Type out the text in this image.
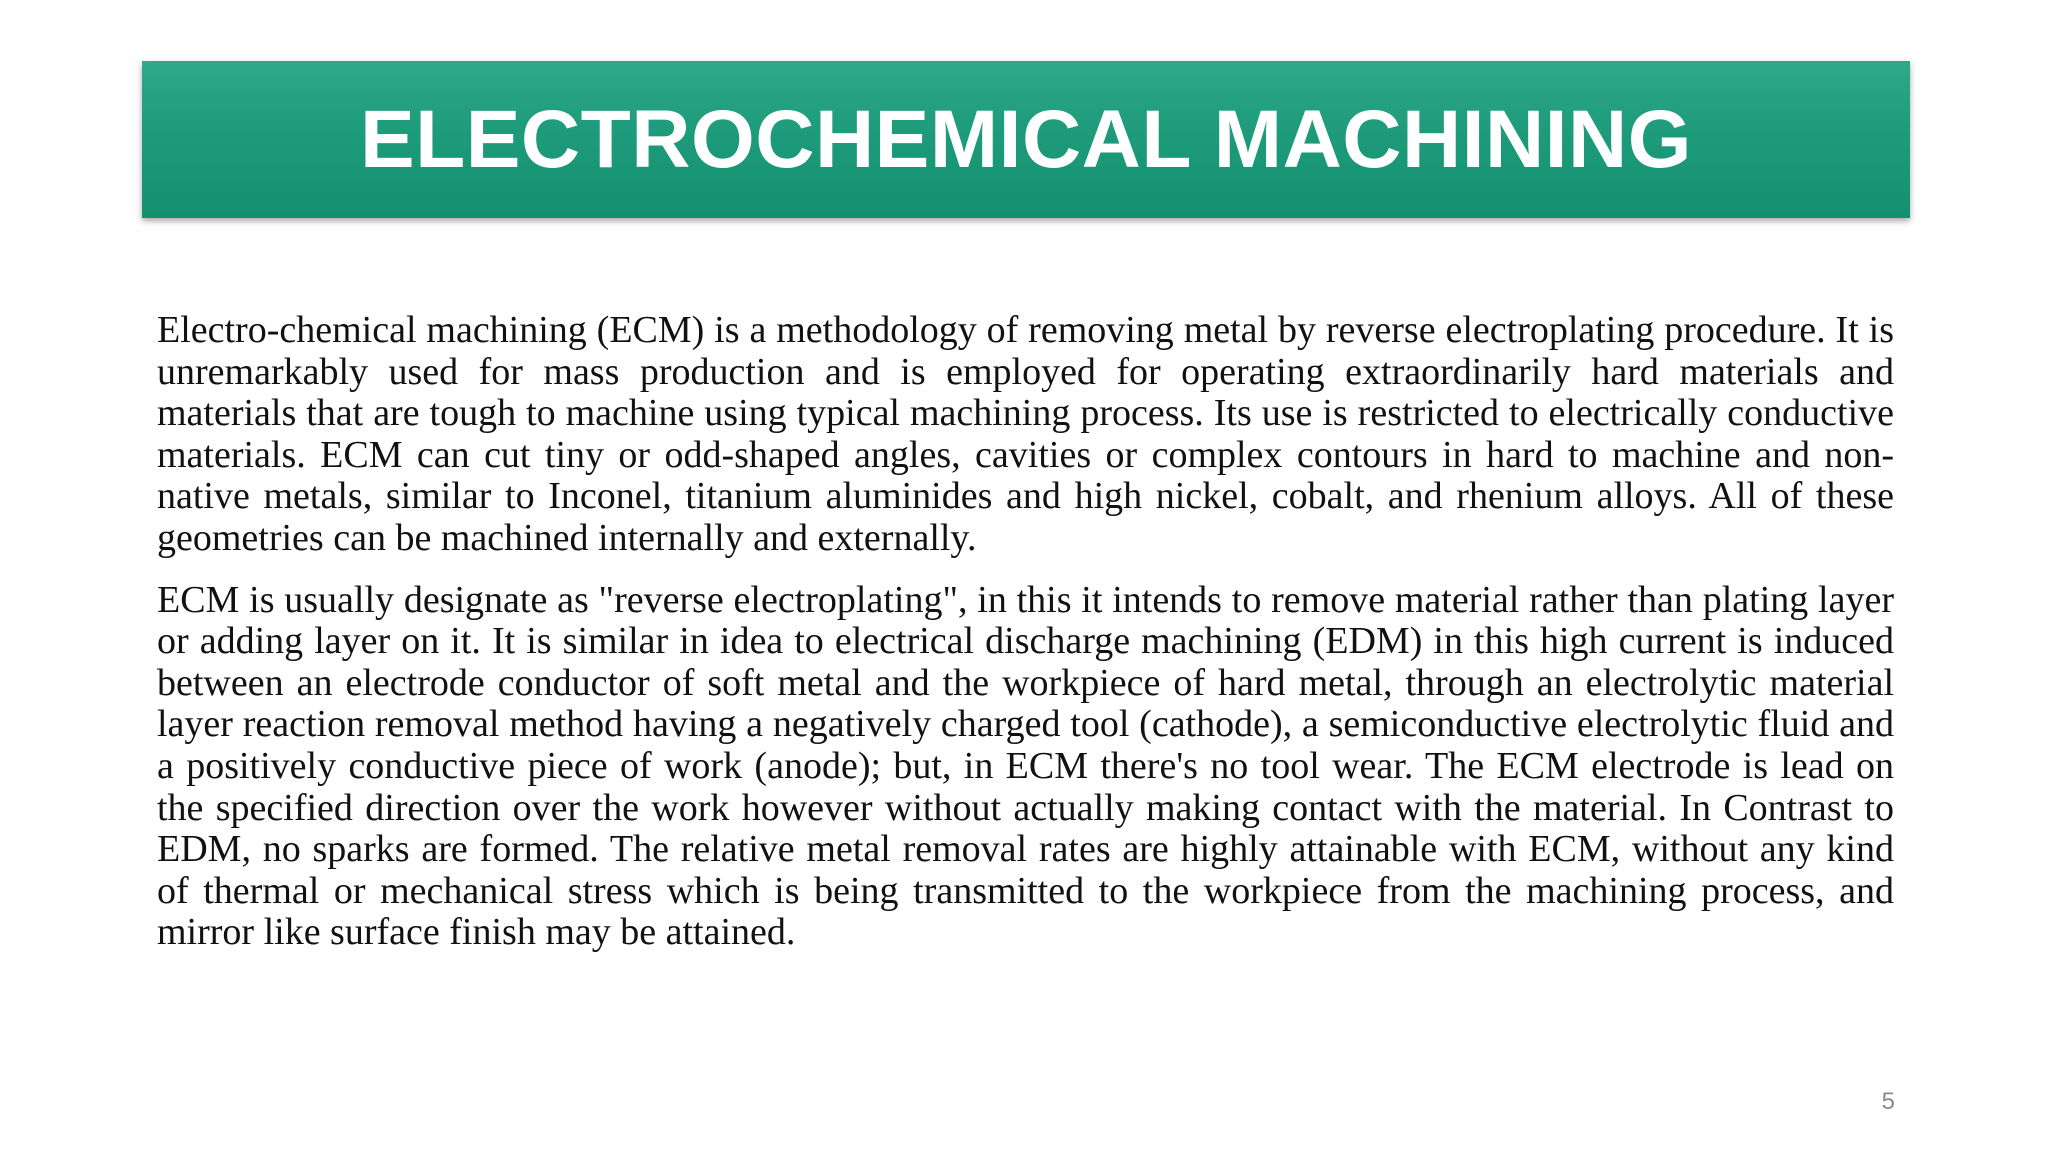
ELECTROCHEMICAL MACHINING

Electro-chemical machining (ECM) is a methodology of removing metal by reverse electroplating procedure. It is unremarkably used for mass production and is employed for operating extraordinarily hard materials and materials that are tough to machine using typical machining process. Its use is restricted to electrically conductive materials. ECM can cut tiny or odd-shaped angles, cavities or complex contours in hard to machine and non-native metals, similar to Inconel, titanium aluminides and high nickel, cobalt, and rhenium alloys. All of these geometries can be machined internally and externally.

ECM is usually designate as "reverse electroplating", in this it intends to remove material rather than plating layer or adding layer on it. It is similar in idea to electrical discharge machining (EDM) in this high current is induced between an electrode conductor of soft metal and the workpiece of hard metal, through an electrolytic material layer reaction removal method having a negatively charged tool (cathode), a semiconductive electrolytic fluid and a positively conductive piece of work (anode); but, in ECM there's no tool wear. The ECM electrode is lead on the specified direction over the work however without actually making contact with the material. In Contrast to EDM, no sparks are formed. The relative metal removal rates are highly attainable with ECM, without any kind of thermal or mechanical stress which is being transmitted to the workpiece from the machining process, and mirror like surface finish may be attained.

5
